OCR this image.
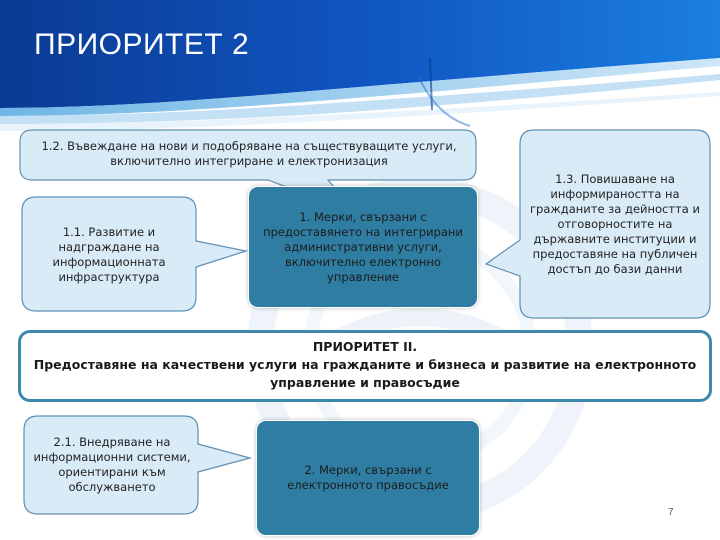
ПРИОРИТЕТ 2
1.2. Въвеждане на нови и подобряване на съществуващите услуги, включително интегриране и електронизация
1.1. Развитие и надграждане на информационната инфраструктура
1.3. Повишаване на информираността на гражданите за дейността и отговорностите на държавните институции и предоставяне на публичен достъп до бази данни
1. Мерки, свързани с предоставянето на интегрирани административни услуги, включително електронно управление
ПРИОРИТЕТ II.
Предоставяне на качествени услуги на гражданите и бизнеса и развитие на електронното управление и правосъдие
2.1. Внедряване на информационни системи, ориентирани към обслужването
2. Мерки, свързани с електронното правосъдие
7
